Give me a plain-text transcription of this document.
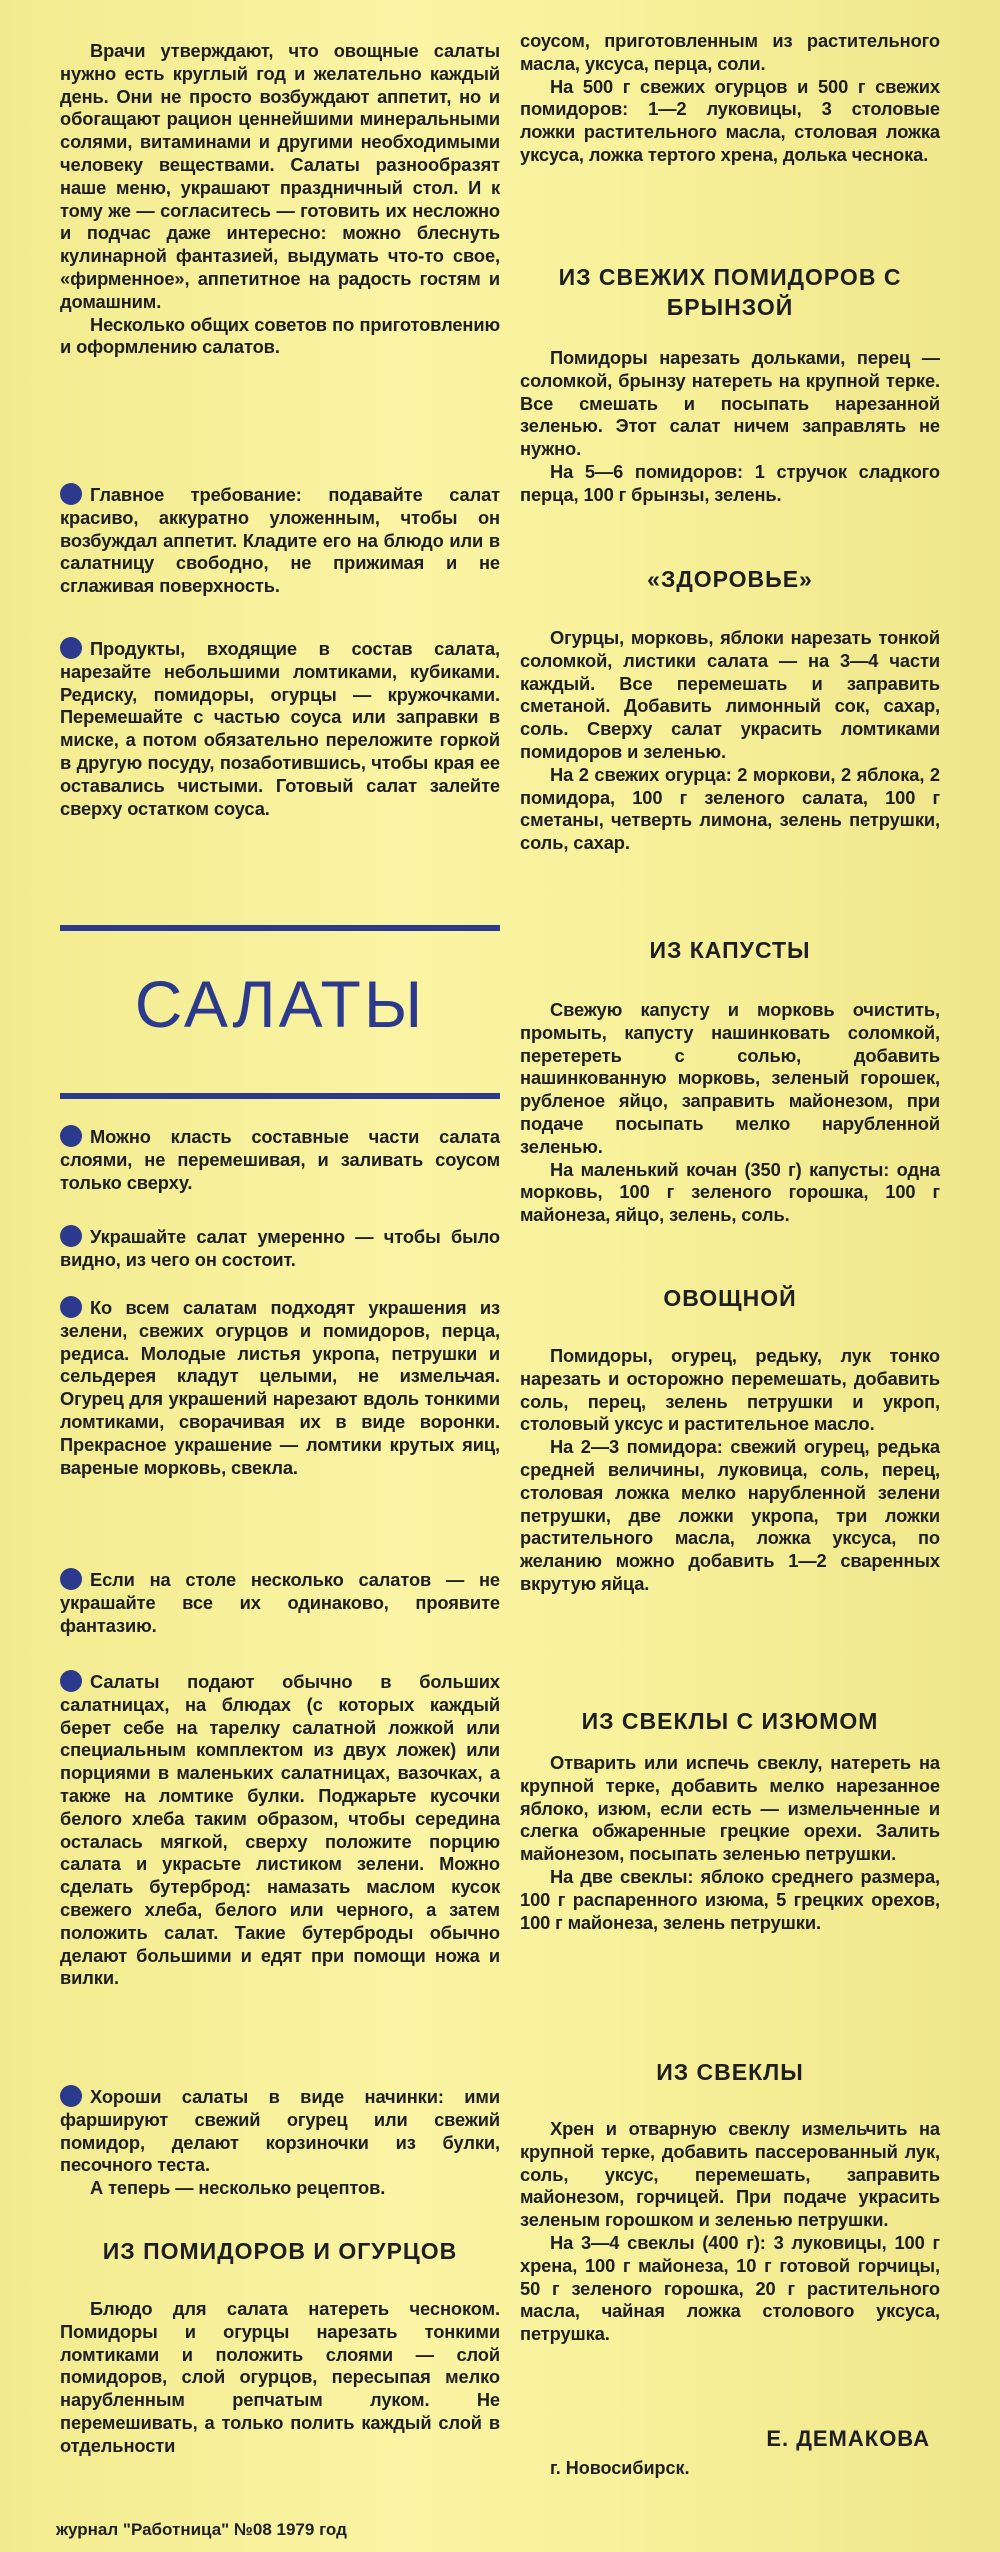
Врачи утверждают, что овощные салаты нужно есть круглый год и желательно каждый день. Они не просто возбуждают аппетит, но и обогащают рацион ценнейшими минеральными солями, витаминами и другими необходимыми человеку веществами. Салаты разнообразят наше меню, украшают праздничный стол. И к тому же — согласитесь — готовить их несложно и подчас даже интересно: можно блеснуть кулинарной фантазией, выдумать что-то свое, «фирменное», аппетитное на радость гостям и домашним.

Несколько общих советов по приготовлению и оформлению салатов.

Главное требование: подавайте салат красиво, аккуратно уложенным, чтобы он возбуждал аппетит. Кладите его на блюдо или в салатницу свободно, не прижимая и не сглаживая поверхность.

Продукты, входящие в состав салата, нарезайте небольшими ломтиками, кубиками. Редиску, помидоры, огурцы — кружочками. Перемешайте с частью соуса или заправки в миске, а потом обязательно переложите горкой в другую посуду, позаботившись, чтобы края ее оставались чистыми. Готовый салат залейте сверху остатком соуса.

САЛАТЫ

Можно класть составные части салата слоями, не перемешивая, и заливать соусом только сверху.

Украшайте салат умеренно — чтобы было видно, из чего он состоит.

Ко всем салатам подходят украшения из зелени, свежих огурцов и помидоров, перца, редиса. Молодые листья укропа, петрушки и сельдерея кладут целыми, не измельчая. Огурец для украшений нарезают вдоль тонкими ломтиками, сворачивая их в виде воронки. Прекрасное украшение — ломтики крутых яиц, вареные морковь, свекла.

Если на столе несколько салатов — не украшайте все их одинаково, проявите фантазию.

Салаты подают обычно в больших салатницах, на блюдах (с которых каждый берет себе на тарелку салатной ложкой или специальным комплектом из двух ложек) или порциями в маленьких салатницах, вазочках, а также на ломтике булки. Поджарьте кусочки белого хлеба таким образом, чтобы середина осталась мягкой, сверху положите порцию салата и украсьте листиком зелени. Можно сделать бутерброд: намазать маслом кусок свежего хлеба, белого или черного, а затем положить салат. Такие бутерброды обычно делают большими и едят при помощи ножа и вилки.

Хороши салаты в виде начинки: ими фаршируют свежий огурец или свежий помидор, делают корзиночки из булки, песочного теста.

А теперь — несколько рецептов.

ИЗ ПОМИДОРОВ И ОГУРЦОВ

Блюдо для салата натереть чесноком. Помидоры и огурцы нарезать тонкими ломтиками и положить слоями — слой помидоров, слой огурцов, пересыпая мелко нарубленным репчатым луком. Не перемешивать, а только полить каждый слой в отдельности

соусом, приготовленным из растительного масла, уксуса, перца, соли.

На 500 г свежих огурцов и 500 г свежих помидоров: 1—2 луковицы, 3 столовые ложки растительного масла, столовая ложка уксуса, ложка тертого хрена, долька чеснока.

ИЗ СВЕЖИХ ПОМИДОРОВ С БРЫНЗОЙ

Помидоры нарезать дольками, перец — соломкой, брынзу натереть на крупной терке. Все смешать и посыпать нарезанной зеленью. Этот салат ничем заправлять не нужно.

На 5—6 помидоров: 1 стручок сладкого перца, 100 г брынзы, зелень.

«ЗДОРОВЬЕ»

Огурцы, морковь, яблоки нарезать тонкой соломкой, листики салата — на 3—4 части каждый. Все перемешать и заправить сметаной. Добавить лимонный сок, сахар, соль. Сверху салат украсить ломтиками помидоров и зеленью.

На 2 свежих огурца: 2 моркови, 2 яблока, 2 помидора, 100 г зеленого салата, 100 г сметаны, четверть лимона, зелень петрушки, соль, сахар.

ИЗ КАПУСТЫ

Свежую капусту и морковь очистить, промыть, капусту нашинковать соломкой, перетереть с солью, добавить нашинкованную морковь, зеленый горошек, рубленое яйцо, заправить майонезом, при подаче посыпать мелко нарубленной зеленью.

На маленький кочан (350 г) капусты: одна морковь, 100 г зеленого горошка, 100 г майонеза, яйцо, зелень, соль.

ОВОЩНОЙ

Помидоры, огурец, редьку, лук тонко нарезать и осторожно перемешать, добавить соль, перец, зелень петрушки и укроп, столовый уксус и растительное масло.

На 2—3 помидора: свежий огурец, редька средней величины, луковица, соль, перец, столовая ложка мелко нарубленной зелени петрушки, две ложки укропа, три ложки растительного масла, ложка уксуса, по желанию можно добавить 1—2 сваренных вкрутую яйца.

ИЗ СВЕКЛЫ С ИЗЮМОМ

Отварить или испечь свеклу, натереть на крупной терке, добавить мелко нарезанное яблоко, изюм, если есть — измельченные и слегка обжаренные грецкие орехи. Залить майонезом, посыпать зеленью петрушки.

На две свеклы: яблоко среднего размера, 100 г распаренного изюма, 5 грецких орехов, 100 г майонеза, зелень петрушки.

ИЗ СВЕКЛЫ

Хрен и отварную свеклу измельчить на крупной терке, добавить пассерованный лук, соль, уксус, перемешать, заправить майонезом, горчицей. При подаче украсить зеленым горошком и зеленью петрушки.

На 3—4 свеклы (400 г): 3 луковицы, 100 г хрена, 100 г майонеза, 10 г готовой горчицы, 50 г зеленого горошка, 20 г растительного масла, чайная ложка столового уксуса, петрушка.

Е. ДЕМАКОВА
г. Новосибирск.
журнал "Работница" №08 1979 год
